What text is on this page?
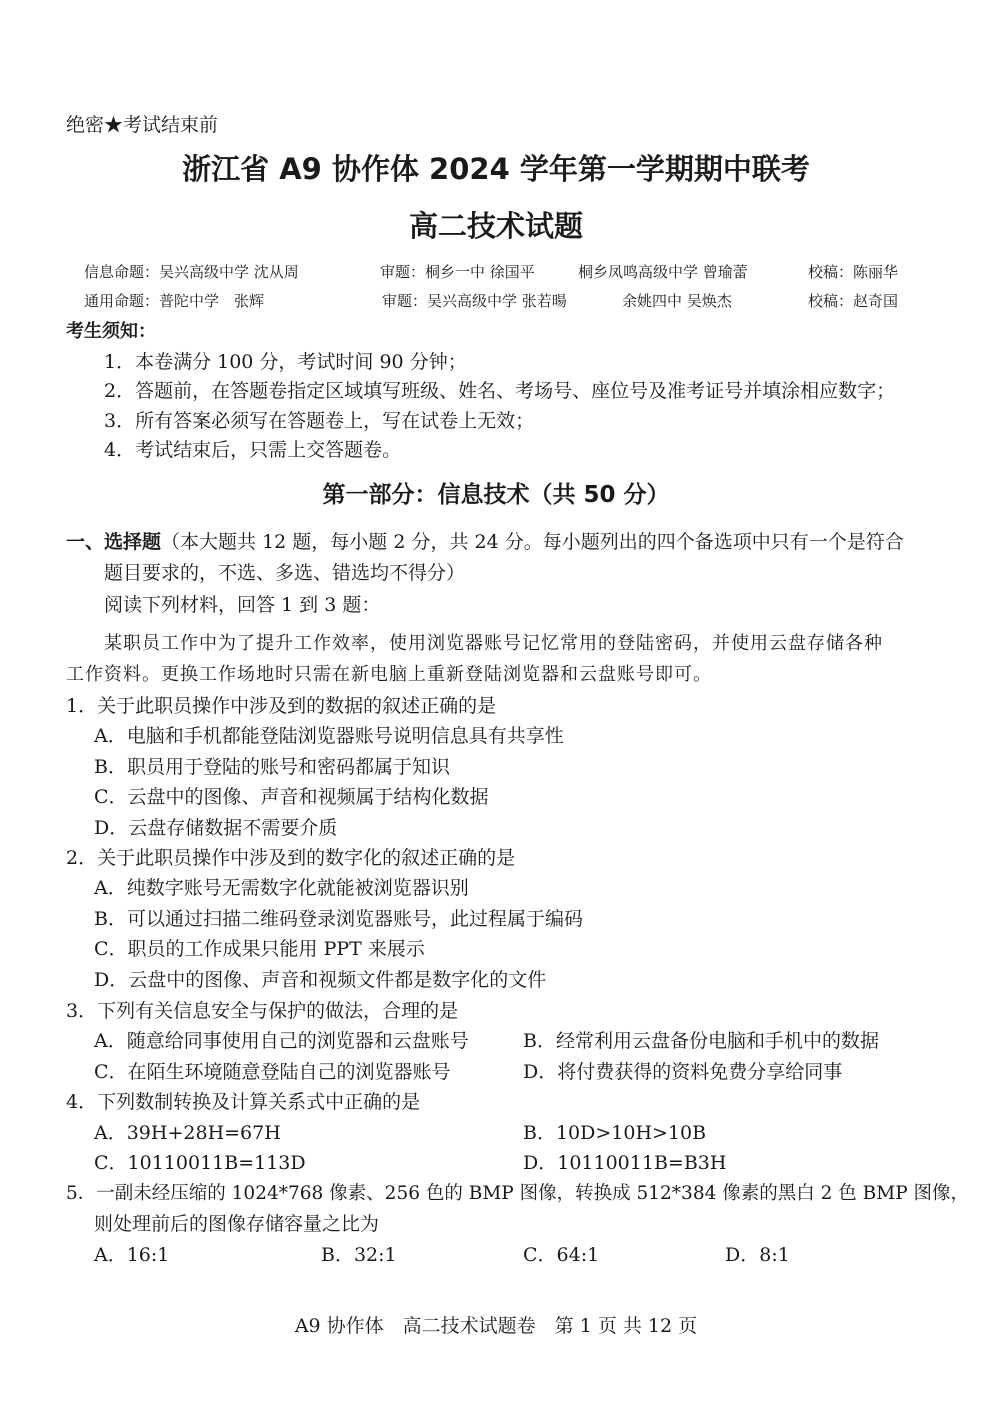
绝密★考试结束前
浙江省 A9 协作体 2024 学年第一学期期中联考
高二技术试题
信息命题：吴兴高级中学 沈从周	审题：桐乡一中 徐国平	桐乡凤鸣高级中学 曾瑜蕾	校稿：陈丽华
通用命题：普陀中学　张辉	审题：吴兴高级中学 张若暘	余姚四中 吴焕杰	校稿：赵奇国
考生须知：
1．本卷满分 100 分，考试时间 90 分钟；
2．答题前，在答题卷指定区域填写班级、姓名、考场号、座位号及准考证号并填涂相应数字；
3．所有答案必须写在答题卷上，写在试卷上无效；
4．考试结束后，只需上交答题卷。
第一部分：信息技术（共 50 分）
一、选择题（本大题共 12 题，每小题 2 分，共 24 分。每小题列出的四个备选项中只有一个是符合
题目要求的，不选、多选、错选均不得分）
阅读下列材料，回答 1 到 3 题：
某职员工作中为了提升工作效率，使用浏览器账号记忆常用的登陆密码，并使用云盘存储各种
工作资料。更换工作场地时只需在新电脑上重新登陆浏览器和云盘账号即可。
1．关于此职员操作中涉及到的数据的叙述正确的是
A．电脑和手机都能登陆浏览器账号说明信息具有共享性
B．职员用于登陆的账号和密码都属于知识
C．云盘中的图像、声音和视频属于结构化数据
D．云盘存储数据不需要介质
2．关于此职员操作中涉及到的数字化的叙述正确的是
A．纯数字账号无需数字化就能被浏览器识别
B．可以通过扫描二维码登录浏览器账号，此过程属于编码
C．职员的工作成果只能用 PPT 来展示
D．云盘中的图像、声音和视频文件都是数字化的文件
3．下列有关信息安全与保护的做法，合理的是
A．随意给同事使用自己的浏览器和云盘账号	B．经常利用云盘备份电脑和手机中的数据
C．在陌生环境随意登陆自己的浏览器账号	D．将付费获得的资料免费分享给同事
4．下列数制转换及计算关系式中正确的是
A．39H+28H=67H	B．10D>10H>10B
C．10110011B=113D	D．10110011B=B3H
5．一副未经压缩的 1024*768 像素、256 色的 BMP 图像，转换成 512*384 像素的黑白 2 色 BMP 图像，
则处理前后的图像存储容量之比为
A．16:1	B．32:1	C．64:1	D．8:1
A9 协作体　高二技术试题卷　第 1 页 共 12 页
